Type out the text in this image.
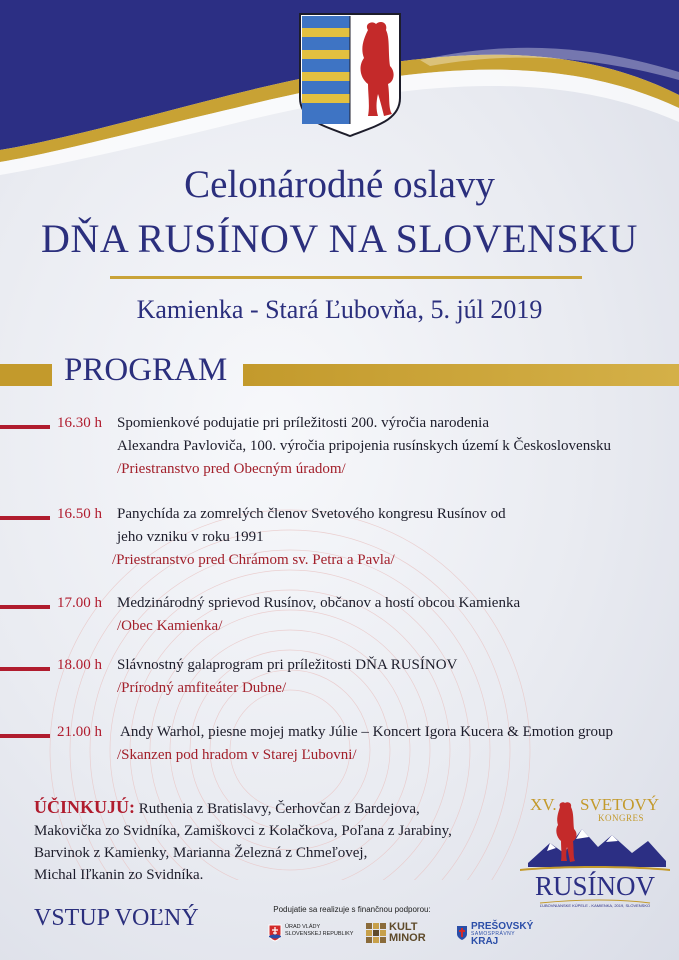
Celonárodné oslavy
DŇA RUSÍNOV NA SLOVENSKU
Kamienka - Stará Ľubovňa, 5. júl 2019
PROGRAM
16.30 h Spomienkové podujatie pri príležitosti 200. výročia narodenia
Alexandra Pavloviča, 100. výročia pripojenia rusínskych území k Československu
/Priestranstvo pred Obecným úradom/
16.50 h Panychída za zomrelých členov Svetového kongresu Rusínov od
jeho vzniku v roku 1991
/Priestranstvo pred Chrámom sv. Petra a Pavla/
17.00 h Medzinárodný sprievod Rusínov, občanov a hostí obcou Kamienka
/Obec Kamienka/
18.00 h Slávnostný galaprogram pri príležitosti DŇA RUSÍNOV
/Prírodný amfiteáter Dubne/
21.00 h Andy Warhol, piesne mojej matky Júlie – Koncert Igora Kucera & Emotion group
/Skanzen pod hradom v Starej Ľubovni/
ÚČINKUJÚ: Ruthenia z Bratislavy, Čerhovčan z Bardejova,
Makovička zo Svidníka, Zamiškovci z Kolačkova, Poľana z Jarabiny,
Barvinok z Kamienky, Marianna Železná z Chmeľovej,
Michal Iľkanin zo Svidníka.
VSTUP VOĽNÝ	Podujatie sa realizuje s finančnou podporou:
ÚRAD VLÁDY SLOVENSKEJ REPUBLIKY
KULT
MINOR
PREŠOVSKÝ
SAMOSPRÁVNY
KRAJ
XV. SVETOVÝ
KONGRES
RUSÍNOV
ĽUBOVNIANSKE KÚPELE - KAMIENKA, 2019, SLOVENSKO
